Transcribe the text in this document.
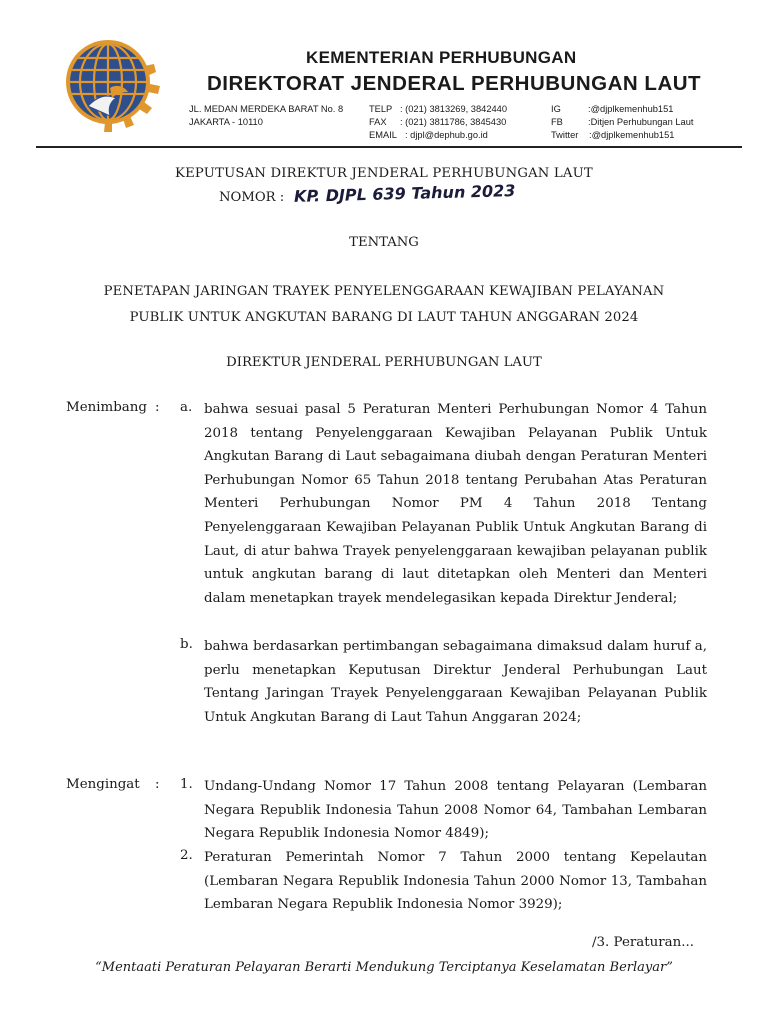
KEMENTERIAN PERHUBUNGAN
DIREKTORAT JENDERAL PERHUBUNGAN LAUT
JL. MEDAN MERDEKA BARAT No. 8
JAKARTA - 10110
TELP : (021) 3813269, 3842440
FAX : (021) 3811786, 3845430
EMAIL : djpl@dephub.go.id
IG	:@djplkemenhub151
FB	:Ditjen Perhubungan Laut
Twitter :@djplkemenhub151
KEPUTUSAN DIREKTUR JENDERAL PERHUBUNGAN LAUT
NOMOR : KP. DJPL 639 Tahun 2023
TENTANG
PENETAPAN JARINGAN TRAYEK PENYELENGGARAAN KEWAJIBAN PELAYANAN
PUBLIK UNTUK ANGKUTAN BARANG DI LAUT TAHUN ANGGARAN 2024
DIREKTUR JENDERAL PERHUBUNGAN LAUT
Menimbang : a. bahwa sesuai pasal 5 Peraturan Menteri Perhubungan Nomor 4 Tahun 2018 tentang Penyelenggaraan Kewajiban Pelayanan Publik Untuk Angkutan Barang di Laut sebagaimana diubah dengan Peraturan Menteri Perhubungan Nomor 65 Tahun 2018 tentang Perubahan Atas Peraturan Menteri Perhubungan Nomor PM 4 Tahun 2018 Tentang Penyelenggaraan Kewajiban Pelayanan Publik Untuk Angkutan Barang di Laut, di atur bahwa Trayek penyelenggaraan kewajiban pelayanan publik untuk angkutan barang di laut ditetapkan oleh Menteri dan Menteri dalam menetapkan trayek mendelegasikan kepada Direktur Jenderal;
b. bahwa berdasarkan pertimbangan sebagaimana dimaksud dalam huruf a, perlu menetapkan Keputusan Direktur Jenderal Perhubungan Laut Tentang Jaringan Trayek Penyelenggaraan Kewajiban Pelayanan Publik Untuk Angkutan Barang di Laut Tahun Anggaran 2024;
Mengingat : 1. Undang-Undang Nomor 17 Tahun 2008 tentang Pelayaran (Lembaran Negara Republik Indonesia Tahun 2008 Nomor 64, Tambahan Lembaran Negara Republik Indonesia Nomor 4849);
2. Peraturan Pemerintah Nomor 7 Tahun 2000 tentang Kepelautan (Lembaran Negara Republik Indonesia Tahun 2000 Nomor 13, Tambahan Lembaran Negara Republik Indonesia Nomor 3929);
/3. Peraturan...
“Mentaati Peraturan Pelayaran Berarti Mendukung Terciptanya Keselamatan Berlayar”
